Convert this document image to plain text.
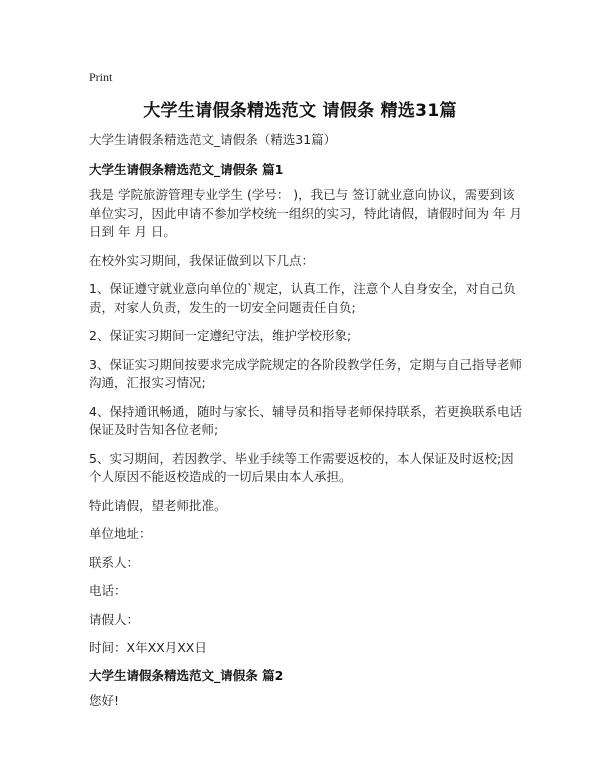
Print
大学生请假条精选范文 请假条 精选31篇

大学生请假条精选范文_请假条（精选31篇）

大学生请假条精选范文_请假条 篇1

我是 学院旅游管理专业学生 (学号： )，我已与 签订就业意向协议，需要到该单位实习，因此申请不参加学校统一组织的实习，特此请假，请假时间为 年 月 日到 年 月 日。

在校外实习期间，我保证做到以下几点：

1、保证遵守就业意向单位的`规定，认真工作，注意个人自身安全，对自己负责，对家人负责，发生的一切安全问题责任自负;

2、保证实习期间一定遵纪守法，维护学校形象;

3、保证实习期间按要求完成学院规定的各阶段教学任务，定期与自己指导老师沟通，汇报实习情况;

4、保持通讯畅通，随时与家长、辅导员和指导老师保持联系，若更换联系电话保证及时告知各位老师;

5、实习期间，若因教学、毕业手续等工作需要返校的，本人保证及时返校;因个人原因不能返校造成的一切后果由本人承担。

特此请假，望老师批准。

单位地址：

联系人：

电话：

请假人：

时间：X年XX月XX日

大学生请假条精选范文_请假条 篇2

您好!
